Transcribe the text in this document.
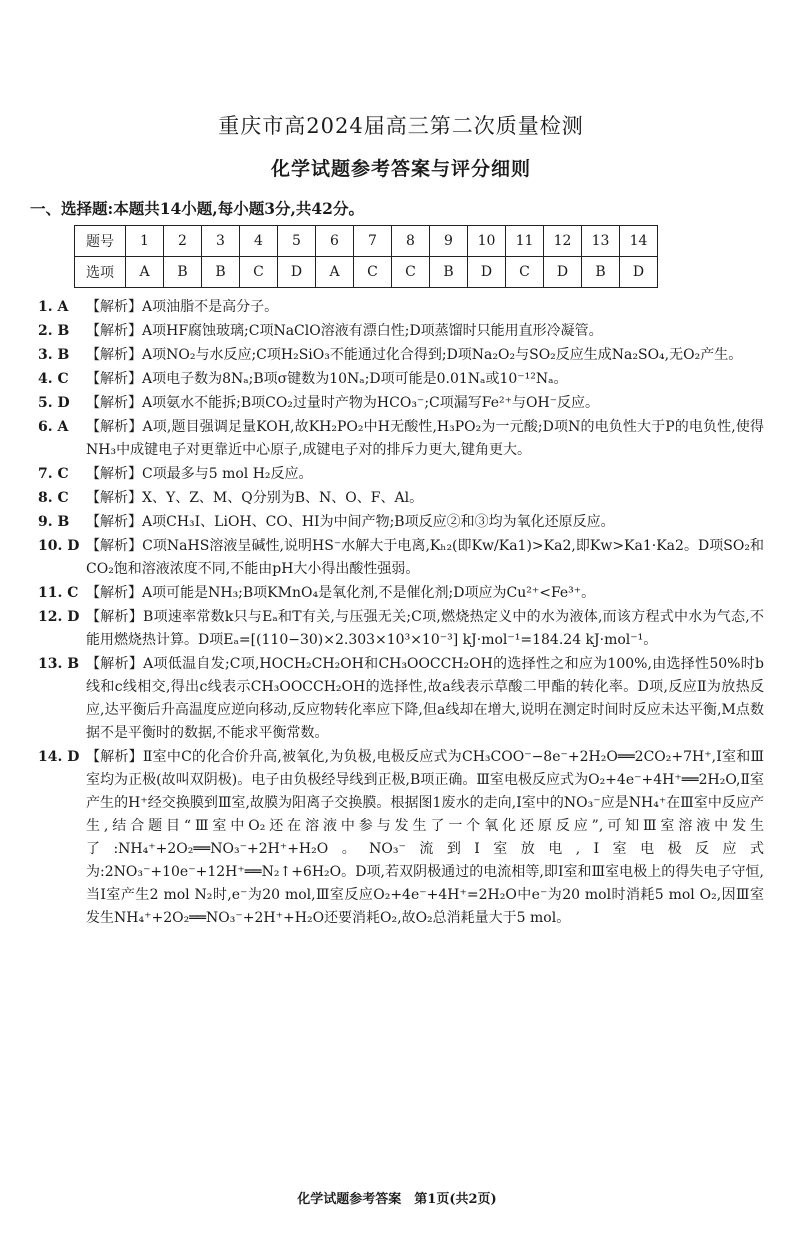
重庆市高2024届高三第二次质量检测
化学试题参考答案与评分细则
一、选择题:本题共14小题,每小题3分,共42分。
题号	1	2	3	4	5	6	7	8	9	10	11	12	13	14
选项	A	B	B	C	D	A	C	C	B	D	C	D	B	D
1. A	【解析】A项油脂不是高分子。
2. B	【解析】A项HF腐蚀玻璃;C项NaClO溶液有漂白性;D项蒸馏时只能用直形冷凝管。
3. B	【解析】A项NO₂与水反应;C项H₂SiO₃不能通过化合得到;D项Na₂O₂与SO₂反应生成Na₂SO₄,无O₂产生。
4. C	【解析】A项电子数为8Nₐ;B项σ键数为10Nₐ;D项可能是0.01Nₐ或10⁻¹²Nₐ。
5. D	【解析】A项氨水不能拆;B项CO₂过量时产物为HCO₃⁻;C项漏写Fe²⁺与OH⁻反应。
6. A	【解析】A项,题目强调足量KOH,故KH₂PO₂中H无酸性,H₃PO₂为一元酸;D项N的电负性大于P的电负性,使得NH₃中成键电子对更靠近中心原子,成键电子对的排斥力更大,键角更大。
7. C	【解析】C项最多与5 mol H₂反应。
8. C	【解析】X、Y、Z、M、Q分别为B、N、O、F、Al。
9. B	【解析】A项CH₃I、LiOH、CO、HI为中间产物;B项反应②和③均为氧化还原反应。
10. D 【解析】C项NaHS溶液呈碱性,说明HS⁻水解大于电离,Kₕ₂(即Kw/Ka1)>Ka2,即Kw>Ka1·Ka2。D项SO₂和CO₂饱和溶液浓度不同,不能由pH大小得出酸性强弱。
11. C 【解析】A项可能是NH₃;B项KMnO₄是氧化剂,不是催化剂;D项应为Cu²⁺<Fe³⁺。
12. D 【解析】B项速率常数k只与Eₐ和T有关,与压强无关;C项,燃烧热定义中的水为液体,而该方程式中水为气态,不能用燃烧热计算。D项Eₐ=[(110−30)×2.303×10³×10⁻³] kJ·mol⁻¹=184.24 kJ·mol⁻¹。
13. B 【解析】A项低温自发;C项,HOCH₂CH₂OH和CH₃OOCCH₂OH的选择性之和应为100%,由选择性50%时b线和c线相交,得出c线表示CH₃OOCCH₂OH的选择性,故a线表示草酸二甲酯的转化率。D项,反应Ⅱ为放热反应,达平衡后升高温度应逆向移动,反应物转化率应下降,但a线却在增大,说明在测定时间时反应未达平衡,M点数据不是平衡时的数据,不能求平衡常数。
14. D 【解析】Ⅱ室中C的化合价升高,被氧化,为负极,电极反应式为CH₃COO⁻−8e⁻+2H₂O══2CO₂+7H⁺,Ⅰ室和Ⅲ室均为正极(故叫双阴极)。电子由负极经导线到正极,B项正确。Ⅲ室电极反应式为O₂+4e⁻+4H⁺══2H₂O,Ⅱ室产生的H⁺经交换膜到Ⅲ室,故膜为阳离子交换膜。根据图1废水的走向,Ⅰ室中的NO₃⁻应是NH₄⁺在Ⅲ室中反应产生,结合题目“Ⅲ室中O₂还在溶液中参与发生了一个氧化还原反应”,可知Ⅲ室溶液中发生了:NH₄⁺+2O₂══NO₃⁻+2H⁺+H₂O。NO₃⁻流到Ⅰ室放电,Ⅰ室电极反应式为:2NO₃⁻+10e⁻+12H⁺══N₂↑+6H₂O。D项,若双阴极通过的电流相等,即Ⅰ室和Ⅲ室电极上的得失电子守恒,当Ⅰ室产生2 mol N₂时,e⁻为20 mol,Ⅲ室反应O₂+4e⁻+4H⁺=2H₂O中e⁻为20 mol时消耗5 mol O₂,因Ⅲ室发生NH₄⁺+2O₂══NO₃⁻+2H⁺+H₂O还要消耗O₂,故O₂总消耗量大于5 mol。
化学试题参考答案　第1页(共2页)
